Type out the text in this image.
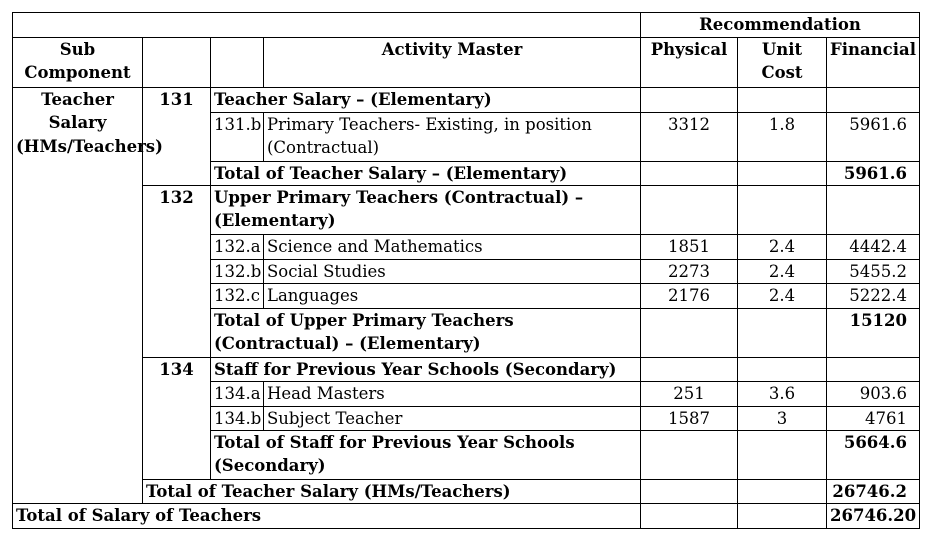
				Recommendation		
Sub Component			Activity Master	Physical	Unit Cost	Financial
Teacher Salary (HMs/Teachers)	131	Teacher Salary – (Elementary)				
		131.b	Primary Teachers- Existing, in position (Contractual)	3312	1.8	5961.6
		Total of Teacher Salary – (Elementary)				5961.6
	132	Upper Primary Teachers (Contractual) – (Elementary)				
		132.a	Science and Mathematics	1851	2.4	4442.4
		132.b	Social Studies	2273	2.4	5455.2
		132.c	Languages	2176	2.4	5222.4
		Total of Upper Primary Teachers (Contractual) – (Elementary)				15120
	134	Staff for Previous Year Schools (Secondary)				
		134.a	Head Masters	251	3.6	903.6
		134.b	Subject Teacher	1587	3	4761
		Total of Staff for Previous Year Schools (Secondary)				5664.6
	Total of Teacher Salary (HMs/Teachers)					26746.2
Total of Salary of Teachers						26746.20
